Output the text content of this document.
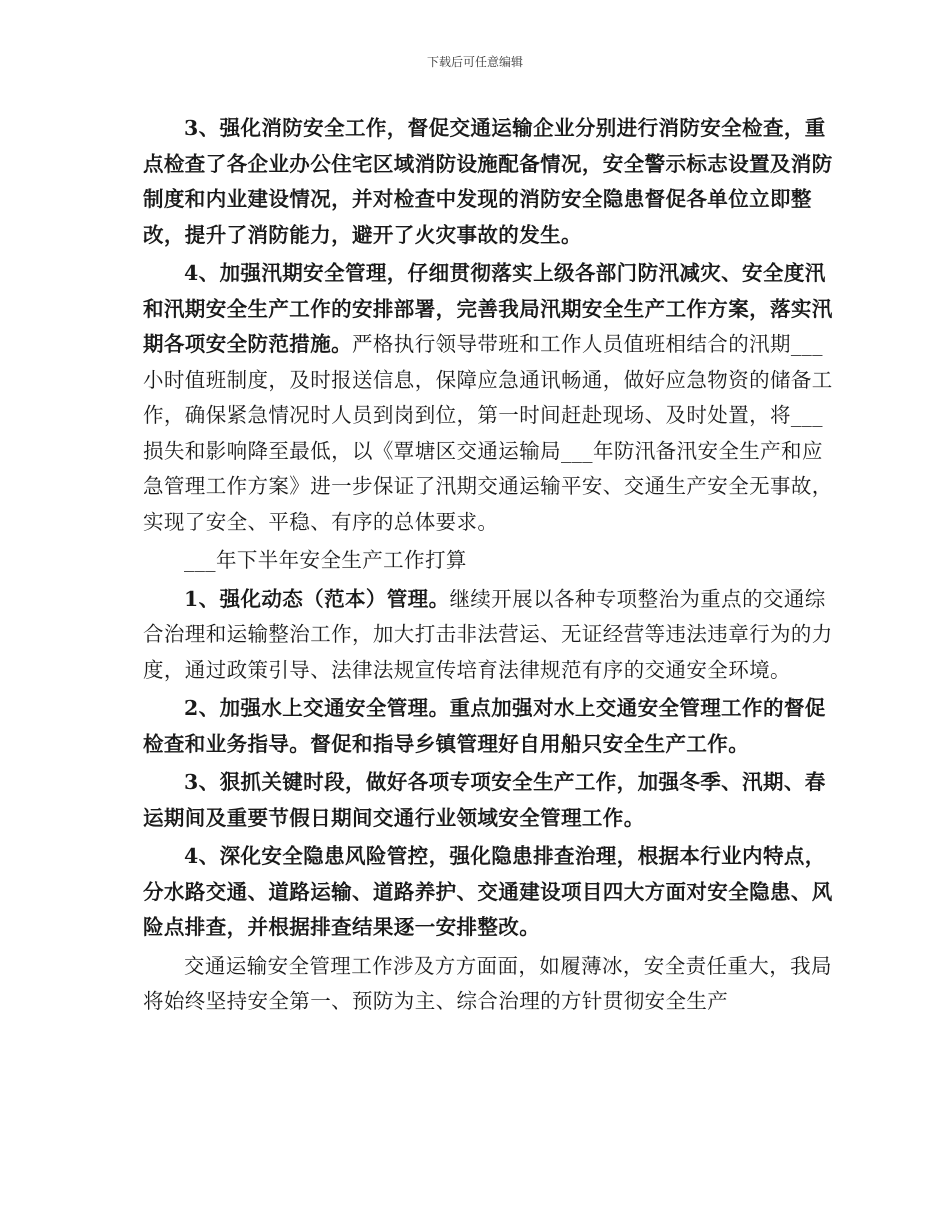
下载后可任意编辑

3、强化消防安全工作，督促交通运输企业分别进行消防安全检查，重点检查了各企业办公住宅区域消防设施配备情况，安全警示标志设置及消防制度和内业建设情况，并对检查中发现的消防安全隐患督促各单位立即整改，提升了消防能力，避开了火灾事故的发生。

4、加强汛期安全管理，仔细贯彻落实上级各部门防汛减灾、安全度汛和汛期安全生产工作的安排部署，完善我局汛期安全生产工作方案，落实汛期各项安全防范措施。严格执行领导带班和工作人员值班相结合的汛期___小时值班制度，及时报送信息，保障应急通讯畅通，做好应急物资的储备工作，确保紧急情况时人员到岗到位，第一时间赶赴现场、及时处置，将___损失和影响降至最低，以《覃塘区交通运输局___年防汛备汛安全生产和应急管理工作方案》进一步保证了汛期交通运输平安、交通生产安全无事故，实现了安全、平稳、有序的总体要求。

___年下半年安全生产工作打算

1、强化动态（范本）管理。继续开展以各种专项整治为重点的交通综合治理和运输整治工作，加大打击非法营运、无证经营等违法违章行为的力度，通过政策引导、法律法规宣传培育法律规范有序的交通安全环境。

2、加强水上交通安全管理。重点加强对水上交通安全管理工作的督促检查和业务指导。督促和指导乡镇管理好自用船只安全生产工作。

3、狠抓关键时段，做好各项专项安全生产工作，加强冬季、汛期、春运期间及重要节假日期间交通行业领域安全管理工作。

4、深化安全隐患风险管控，强化隐患排查治理，根据本行业内特点，分水路交通、道路运输、道路养护、交通建设项目四大方面对安全隐患、风险点排查，并根据排查结果逐一安排整改。

交通运输安全管理工作涉及方方面面，如履薄冰，安全责任重大，我局将始终坚持安全第一、预防为主、综合治理的方针贯彻安全生产
